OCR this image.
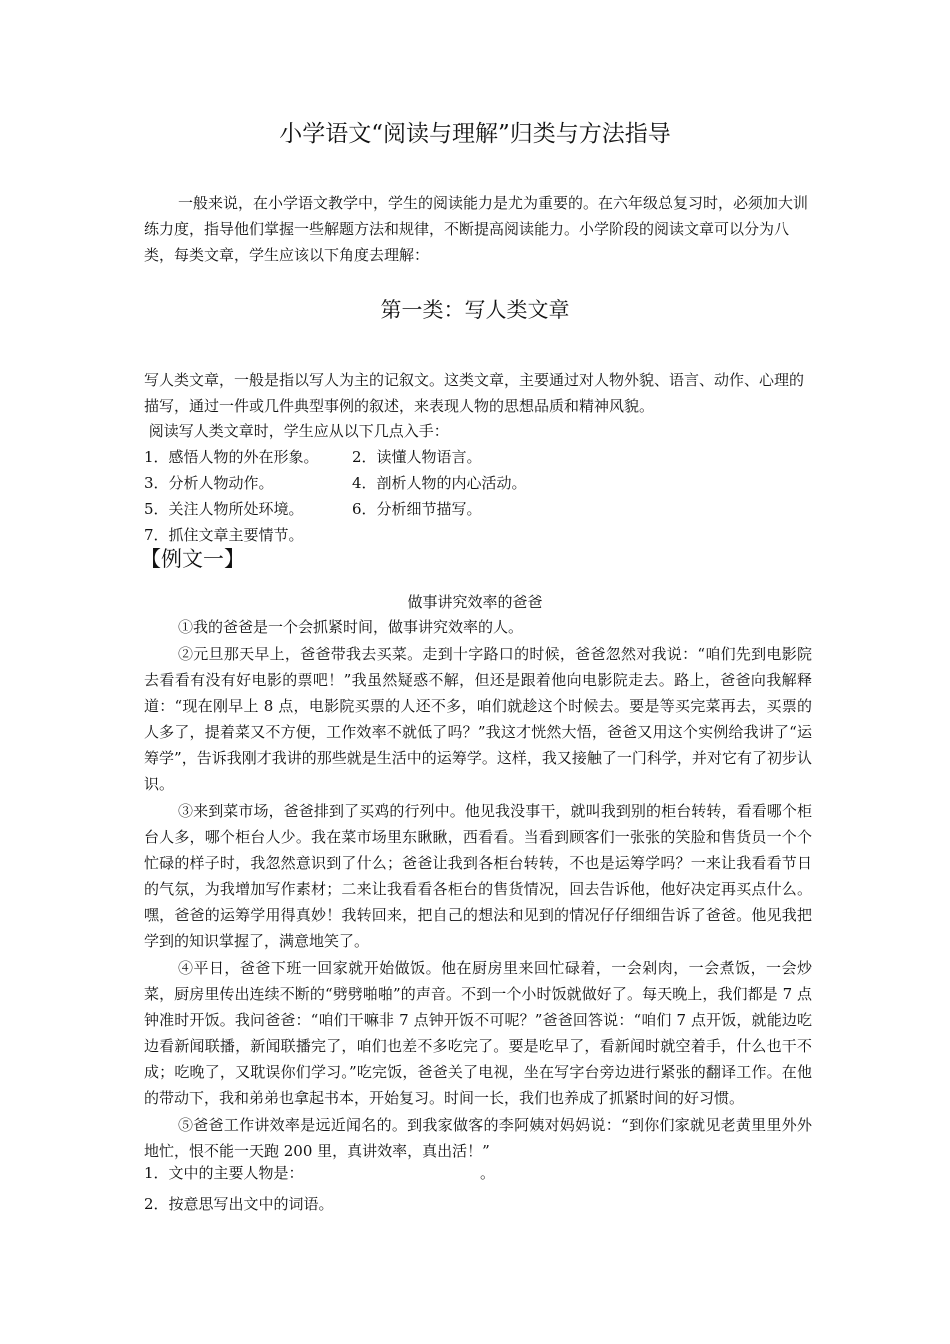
小学语文“阅读与理解”归类与方法指导

一般来说，在小学语文教学中，学生的阅读能力是尤为重要的。在六年级总复习时，必须加大训练力度，指导他们掌握一些解题方法和规律，不断提高阅读能力。小学阶段的阅读文章可以分为八类，每类文章，学生应该以下角度去理解：

第一类：写人类文章

写人类文章，一般是指以写人为主的记叙文。这类文章，主要通过对人物外貌、语言、动作、心理的描写，通过一件或几件典型事例的叙述，来表现人物的思想品质和精神风貌。

阅读写人类文章时，学生应从以下几点入手：

1．感悟人物的外在形象。 2．读懂人物语言。
3．分析人物动作。	4．剖析人物的内心活动。
5．关注人物所处环境。	6．分析细节描写。
7．抓住文章主要情节。
【例文一】
做事讲究效率的爸爸

①我的爸爸是一个会抓紧时间，做事讲究效率的人。

②元旦那天早上，爸爸带我去买菜。走到十字路口的时候，爸爸忽然对我说：“咱们先到电影院去看看有没有好电影的票吧！”我虽然疑惑不解，但还是跟着他向电影院走去。路上，爸爸向我解释道：“现在刚早上 8 点，电影院买票的人还不多，咱们就趁这个时候去。要是等买完菜再去，买票的人多了，提着菜又不方便，工作效率不就低了吗？”我这才恍然大悟，爸爸又用这个实例给我讲了“运筹学”，告诉我刚才我讲的那些就是生活中的运筹学。这样，我又接触了一门科学，并对它有了初步认识。

③来到菜市场，爸爸排到了买鸡的行列中。他见我没事干，就叫我到别的柜台转转，看看哪个柜台人多，哪个柜台人少。我在菜市场里东瞅瞅，西看看。当看到顾客们一张张的笑脸和售货员一个个忙碌的样子时，我忽然意识到了什么；爸爸让我到各柜台转转，不也是运筹学吗？一来让我看看节日的气氛，为我增加写作素材；二来让我看看各柜台的售货情况，回去告诉他，他好决定再买点什么。嘿，爸爸的运筹学用得真妙！我转回来，把自己的想法和见到的情况仔仔细细告诉了爸爸。他见我把学到的知识掌握了，满意地笑了。

④平日，爸爸下班一回家就开始做饭。他在厨房里来回忙碌着，一会剁肉，一会煮饭，一会炒菜，厨房里传出连续不断的“劈劈啪啪”的声音。不到一个小时饭就做好了。每天晚上，我们都是 7 点钟准时开饭。我问爸爸：“咱们干嘛非 7 点钟开饭不可呢？”爸爸回答说：“咱们 7 点开饭，就能边吃边看新闻联播，新闻联播完了，咱们也差不多吃完了。要是吃早了，看新闻时就空着手，什么也干不成；吃晚了，又耽误你们学习。”吃完饭，爸爸关了电视，坐在写字台旁边进行紧张的翻译工作。在他的带动下，我和弟弟也拿起书本，开始复习。时间一长，我们也养成了抓紧时间的好习惯。

⑤爸爸工作讲效率是远近闻名的。到我家做客的李阿姨对妈妈说：“到你们家就见老黄里里外外地忙，恨不能一天跑 200 里，真讲效率，真出活！”

1．文中的主要人物是：	。
2．按意思写出文中的词语。
